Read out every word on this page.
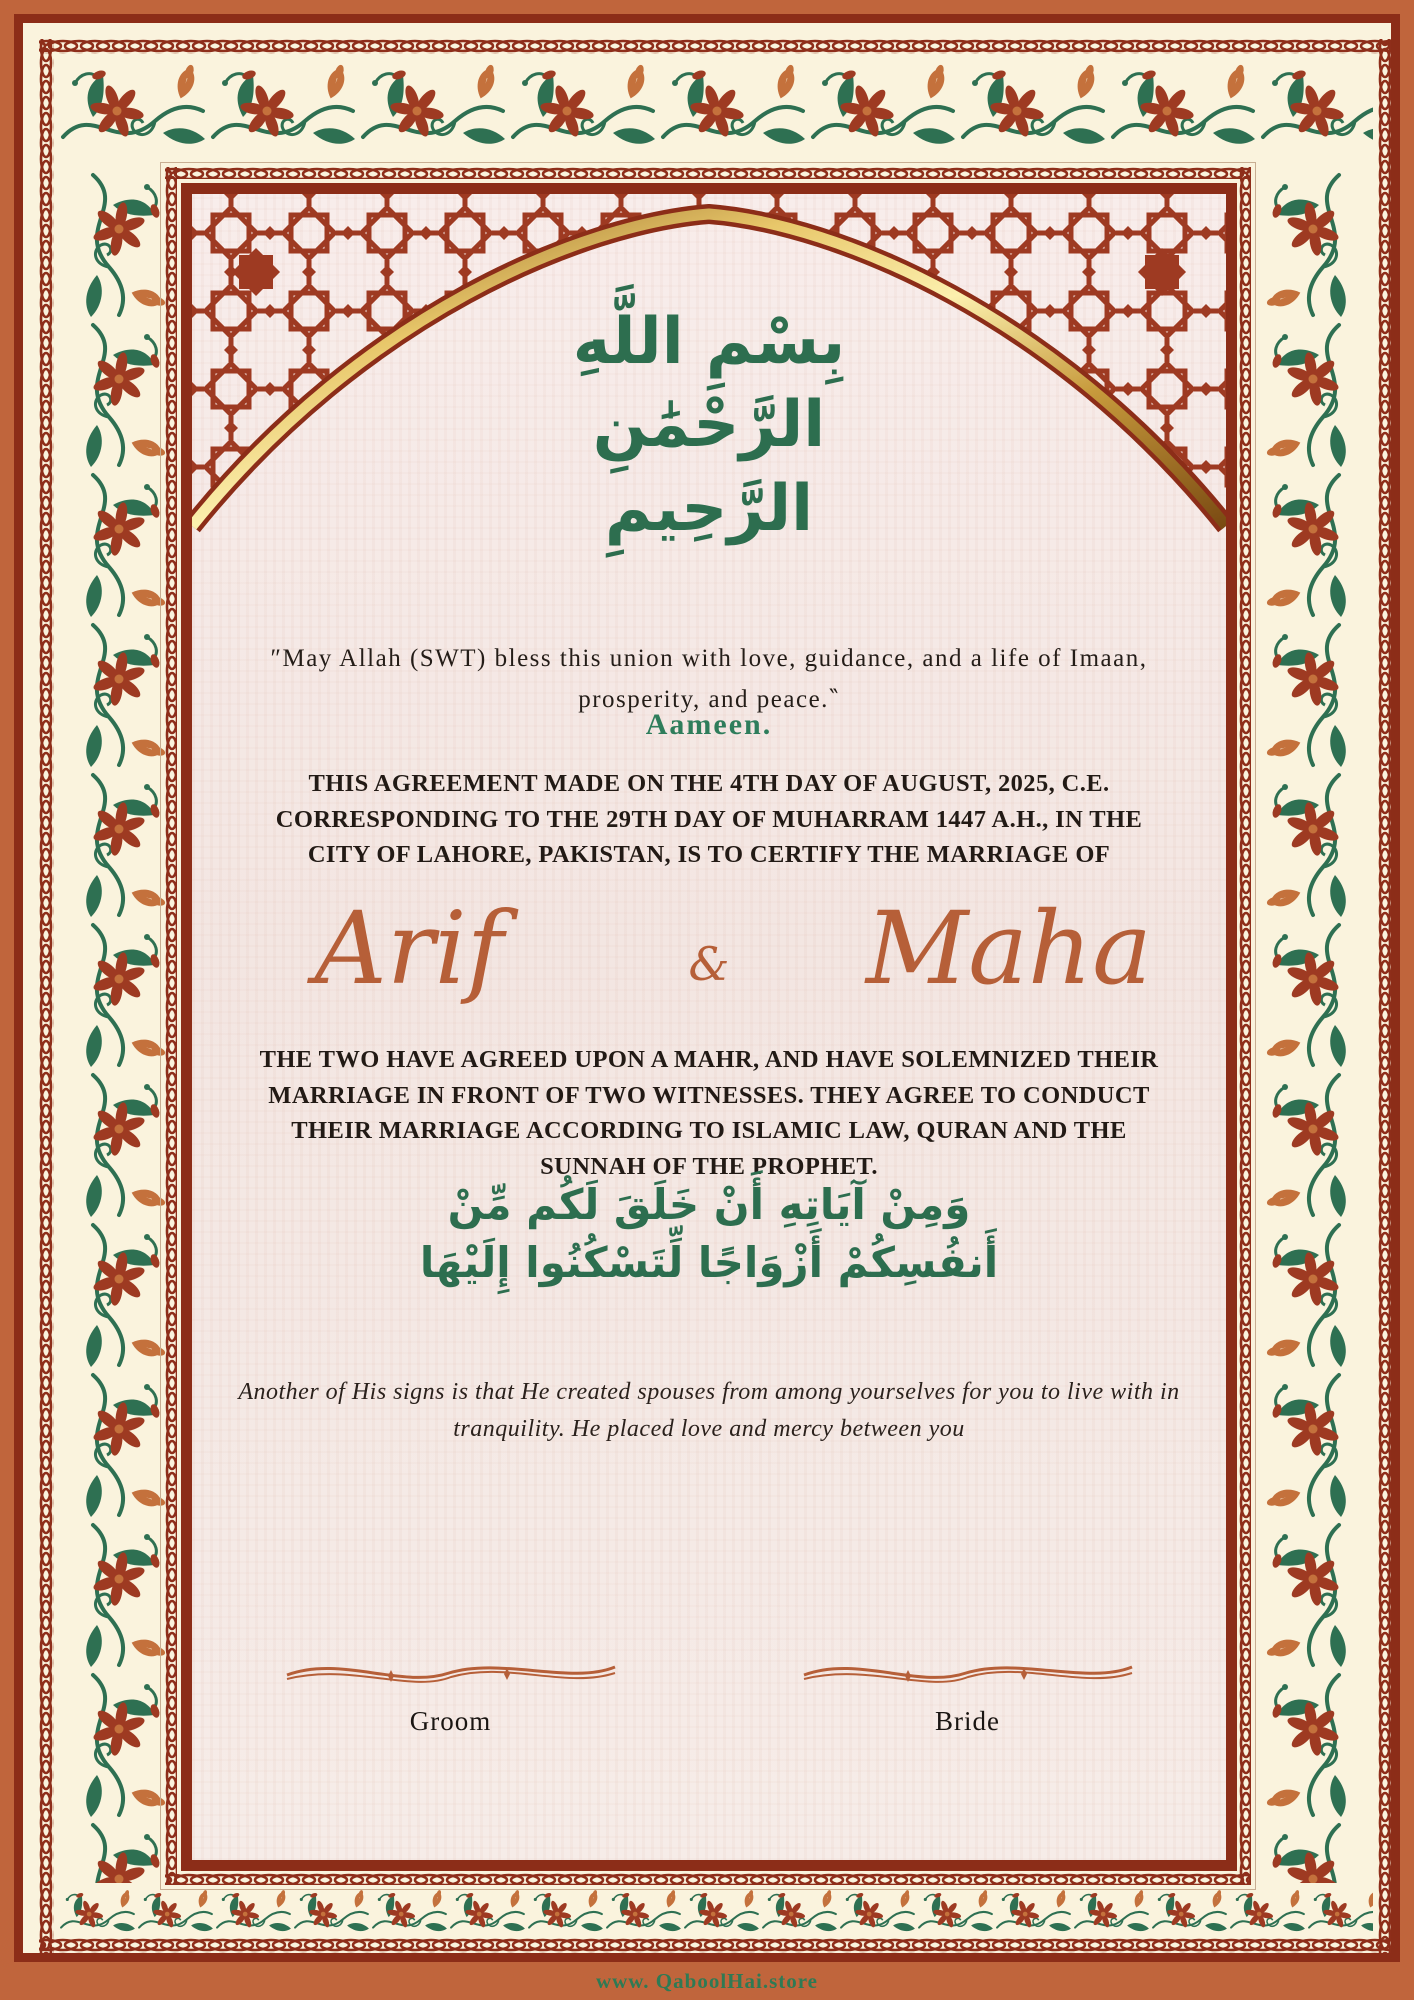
بِسْمِ اللَّهِ الرَّحْمَٰنِ الرَّحِيمِ
″May Allah (SWT) bless this union with love, guidance, and a life of Imaan, prosperity, and peace.‶
Aameen.
THIS AGREEMENT MADE ON THE 4TH DAY OF AUGUST, 2025, C.E. CORRESPONDING TO THE 29TH DAY OF MUHARRAM 1447 A.H., IN THE CITY OF LAHORE, PAKISTAN, IS TO CERTIFY THE MARRIAGE OF
Arif	&	Maha
THE TWO HAVE AGREED UPON A MAHR, AND HAVE SOLEMNIZED THEIR MARRIAGE IN FRONT OF TWO WITNESSES. THEY AGREE TO CONDUCT THEIR MARRIAGE ACCORDING TO ISLAMIC LAW, QURAN AND THE SUNNAH OF THE PROPHET.
وَمِنْ آيَاتِهِ أَنْ خَلَقَ لَكُم مِّنْ أَنفُسِكُمْ أَزْوَاجًا لِّتَسْكُنُوا إِلَيْهَا
Another of His signs is that He created spouses from among yourselves for you to live with in tranquility. He placed love and mercy between you
Groom	Bride
www. QaboolHai.store
